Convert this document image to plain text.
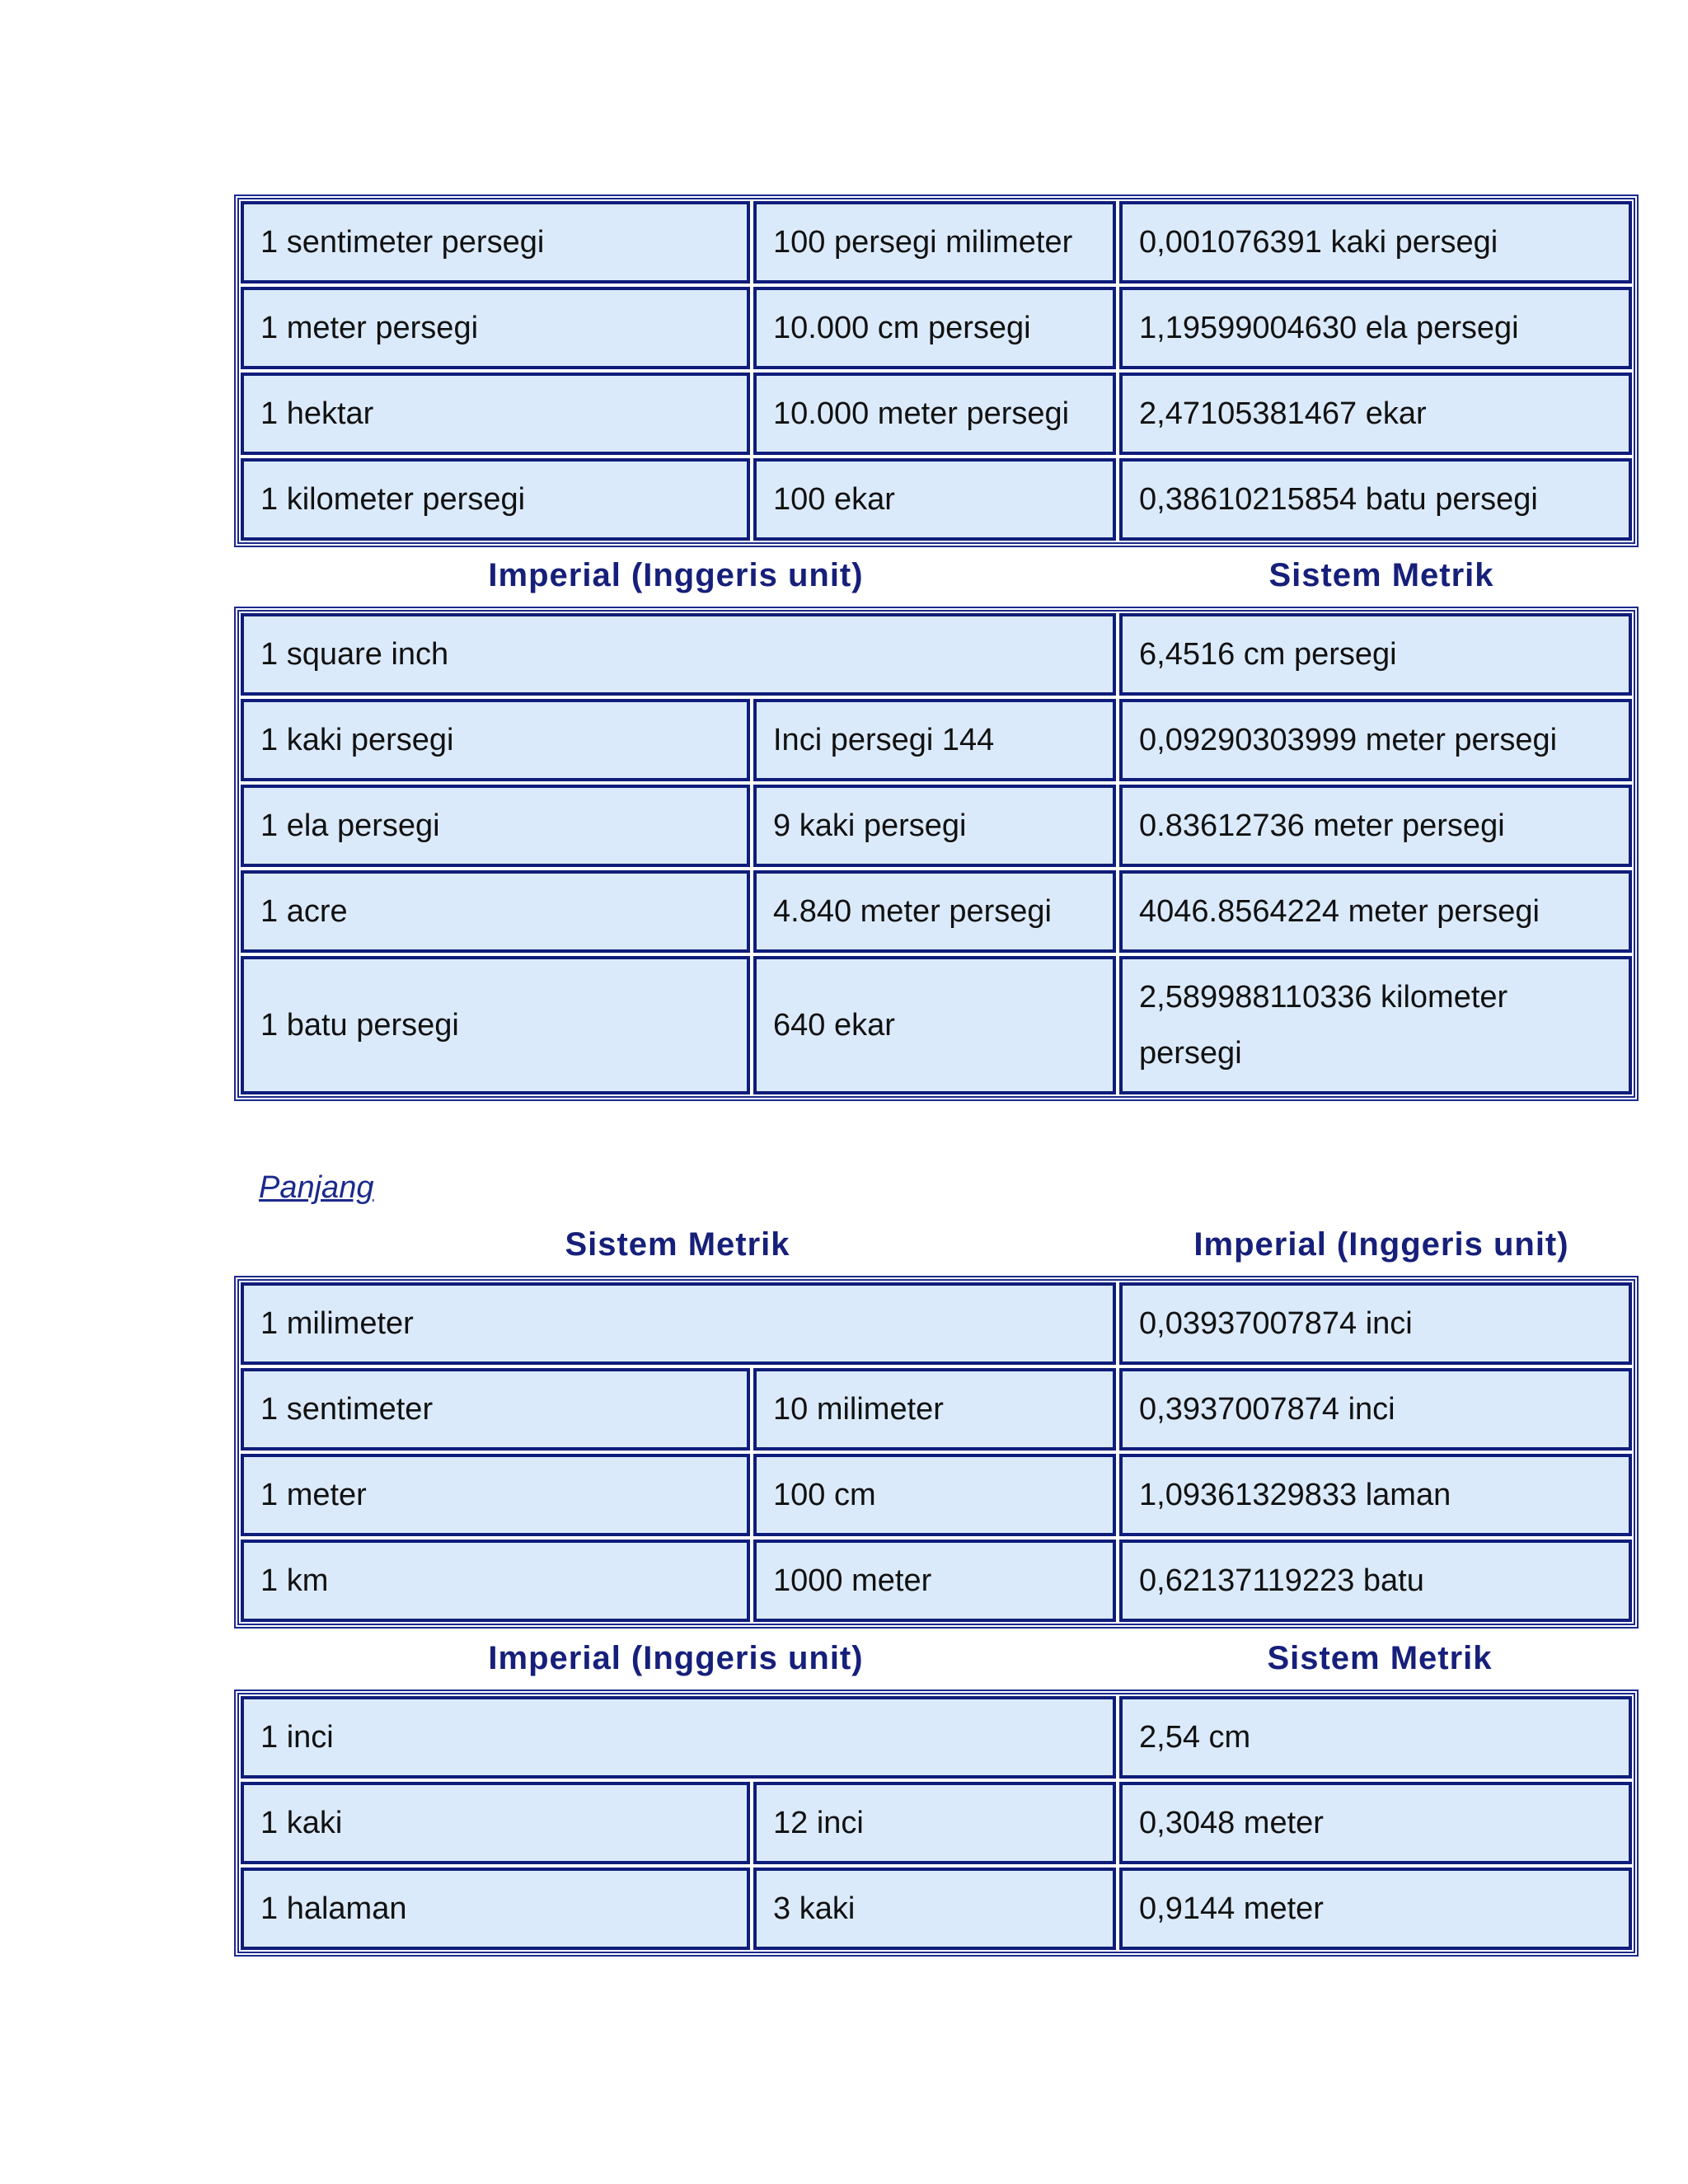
1 sentimeter persegi	100 persegi milimeter	0,001076391 kaki persegi
1 meter persegi	10.000 cm persegi	1,19599004630 ela persegi
1 hektar	10.000 meter persegi	2,47105381467 ekar
1 kilometer persegi	100 ekar	0,38610215854 batu persegi
Imperial (Inggeris unit)	Sistem Metrik
1 square inch		6,4516 cm persegi
1 kaki persegi	Inci persegi 144	0,09290303999 meter persegi
1 ela persegi	9 kaki persegi	0.83612736 meter persegi
1 acre	4.840 meter persegi	4046.8564224 meter persegi
1 batu persegi	640 ekar	2,589988110336 kilometer persegi
Panjang
Sistem Metrik	Imperial (Inggeris unit)
1 milimeter		0,03937007874 inci
1 sentimeter	10 milimeter	0,3937007874 inci
1 meter	100 cm	1,09361329833 laman
1 km	1000 meter	0,62137119223 batu
Imperial (Inggeris unit)	Sistem Metrik
1 inci		2,54 cm
1 kaki	12 inci	0,3048 meter
1 halaman	3 kaki	0,9144 meter
